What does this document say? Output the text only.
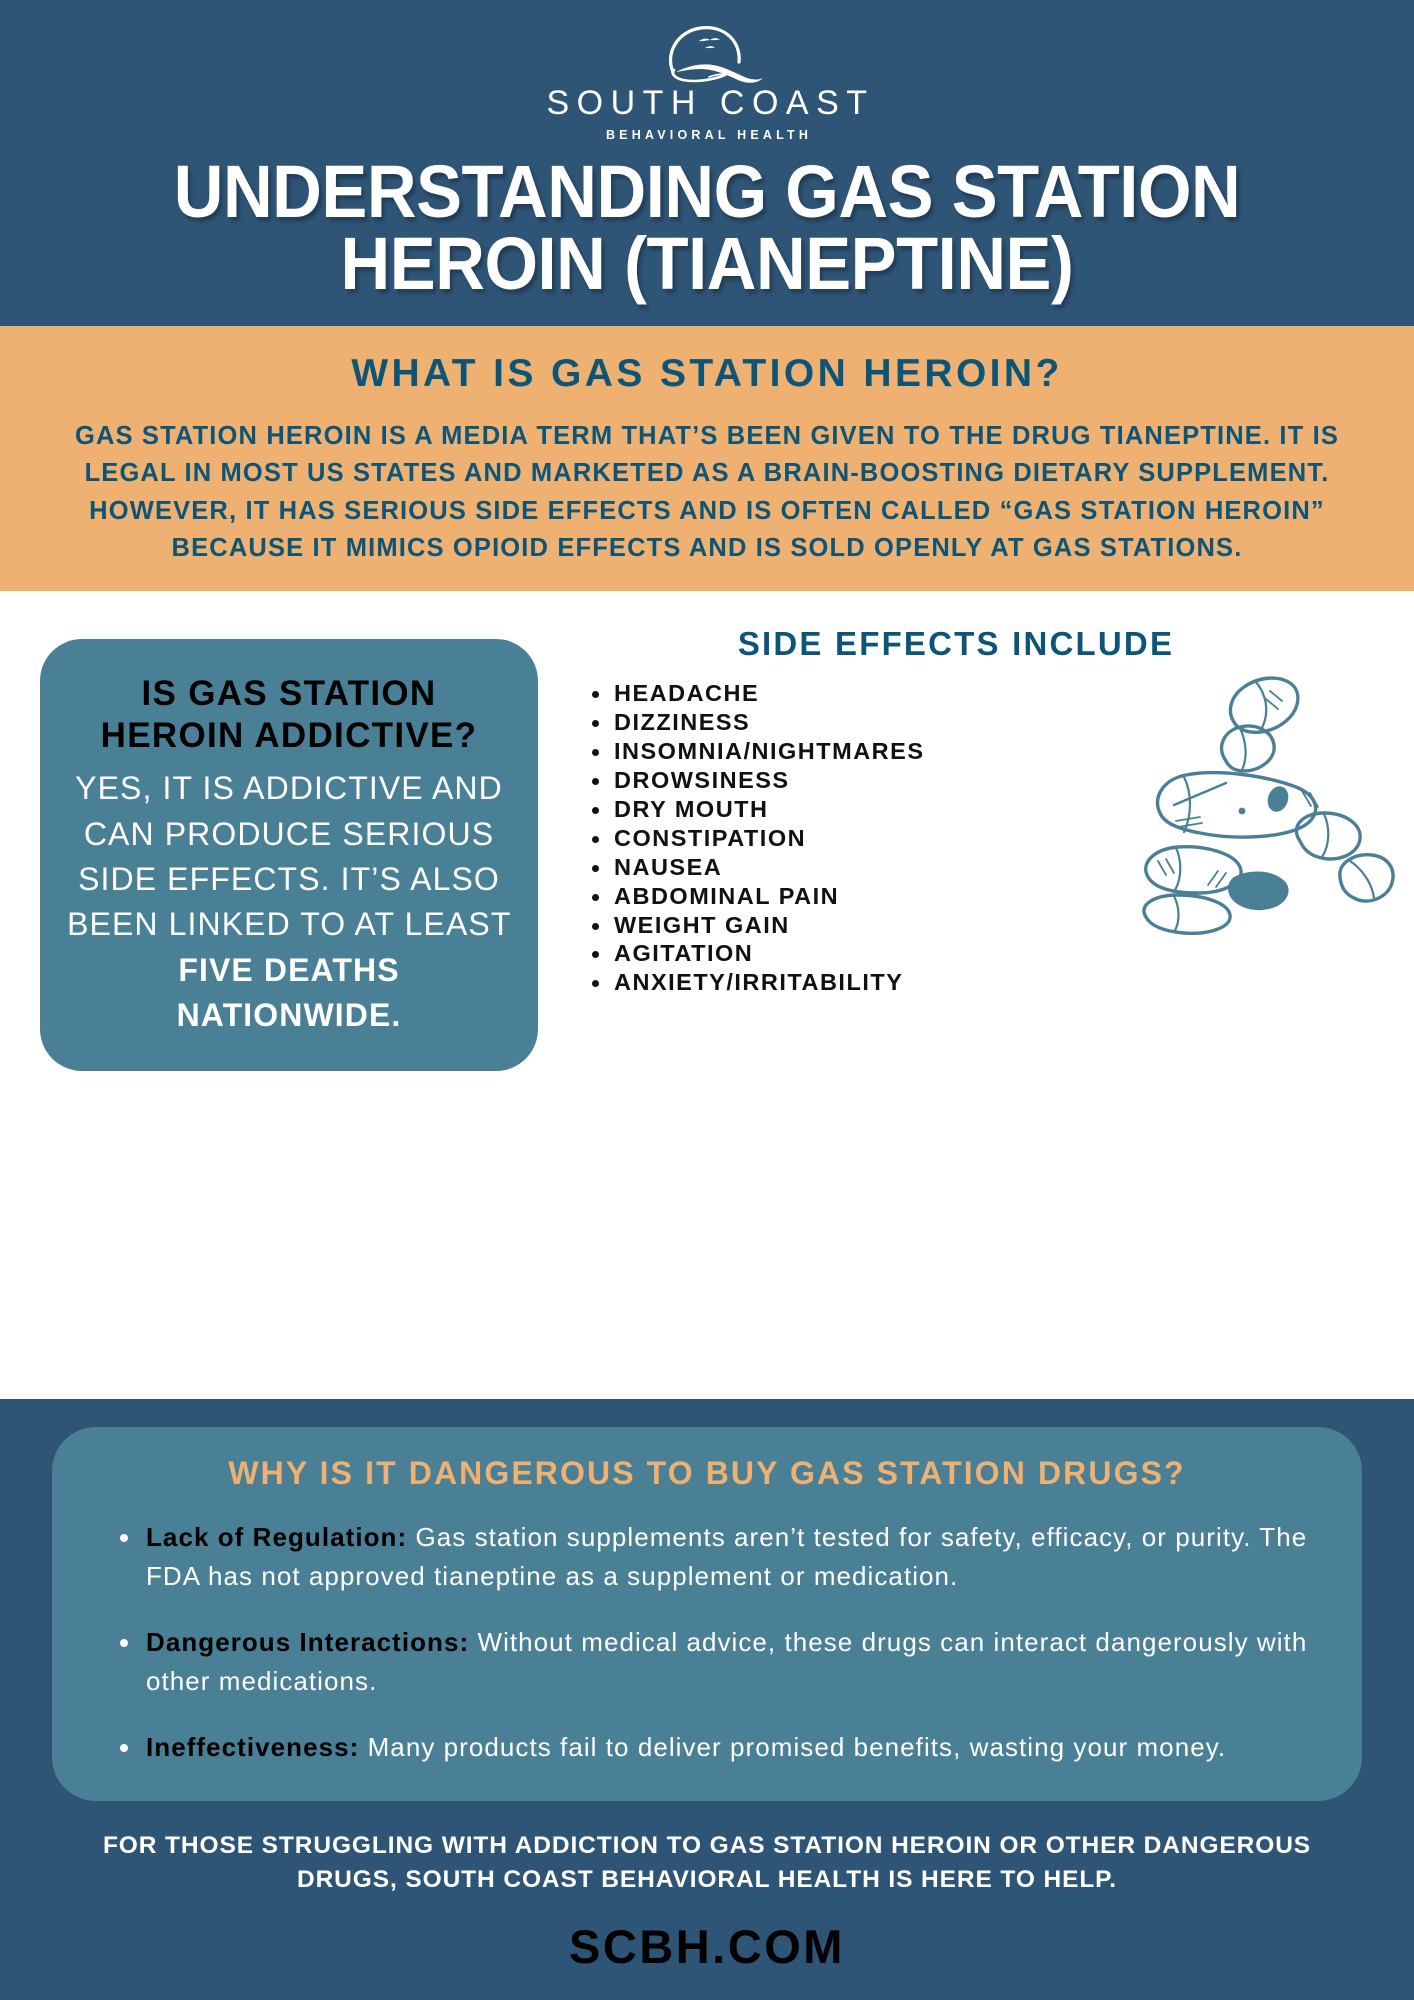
SOUTH COAST
BEHAVIORAL HEALTH
UNDERSTANDING GAS STATION HEROIN (TIANEPTINE)
WHAT IS GAS STATION HEROIN?

GAS STATION HEROIN IS A MEDIA TERM THAT’S BEEN GIVEN TO THE DRUG TIANEPTINE. IT IS LEGAL IN MOST US STATES AND MARKETED AS A BRAIN-BOOSTING DIETARY SUPPLEMENT. HOWEVER, IT HAS SERIOUS SIDE EFFECTS AND IS OFTEN CALLED “GAS STATION HEROIN” BECAUSE IT MIMICS OPIOID EFFECTS AND IS SOLD OPENLY AT GAS STATIONS.

IS GAS STATION HEROIN ADDICTIVE?
YES, IT IS ADDICTIVE AND CAN PRODUCE SERIOUS SIDE EFFECTS. IT’S ALSO BEEN LINKED TO AT LEAST FIVE DEATHS NATIONWIDE.
SIDE EFFECTS INCLUDE
HEADACHE
DIZZINESS
INSOMNIA/NIGHTMARES
DROWSINESS
DRY MOUTH
CONSTIPATION
NAUSEA
ABDOMINAL PAIN
WEIGHT GAIN
AGITATION
ANXIETY/IRRITABILITY
WHY IS IT DANGEROUS TO BUY GAS STATION DRUGS?
Lack of Regulation: Gas station supplements aren’t tested for safety, efficacy, or purity. The FDA has not approved tianeptine as a supplement or medication.
Dangerous Interactions: Without medical advice, these drugs can interact dangerously with other medications.
Ineffectiveness: Many products fail to deliver promised benefits, wasting your money.

FOR THOSE STRUGGLING WITH ADDICTION TO GAS STATION HEROIN OR OTHER DANGEROUS DRUGS, SOUTH COAST BEHAVIORAL HEALTH IS HERE TO HELP.

SCBH.COM
